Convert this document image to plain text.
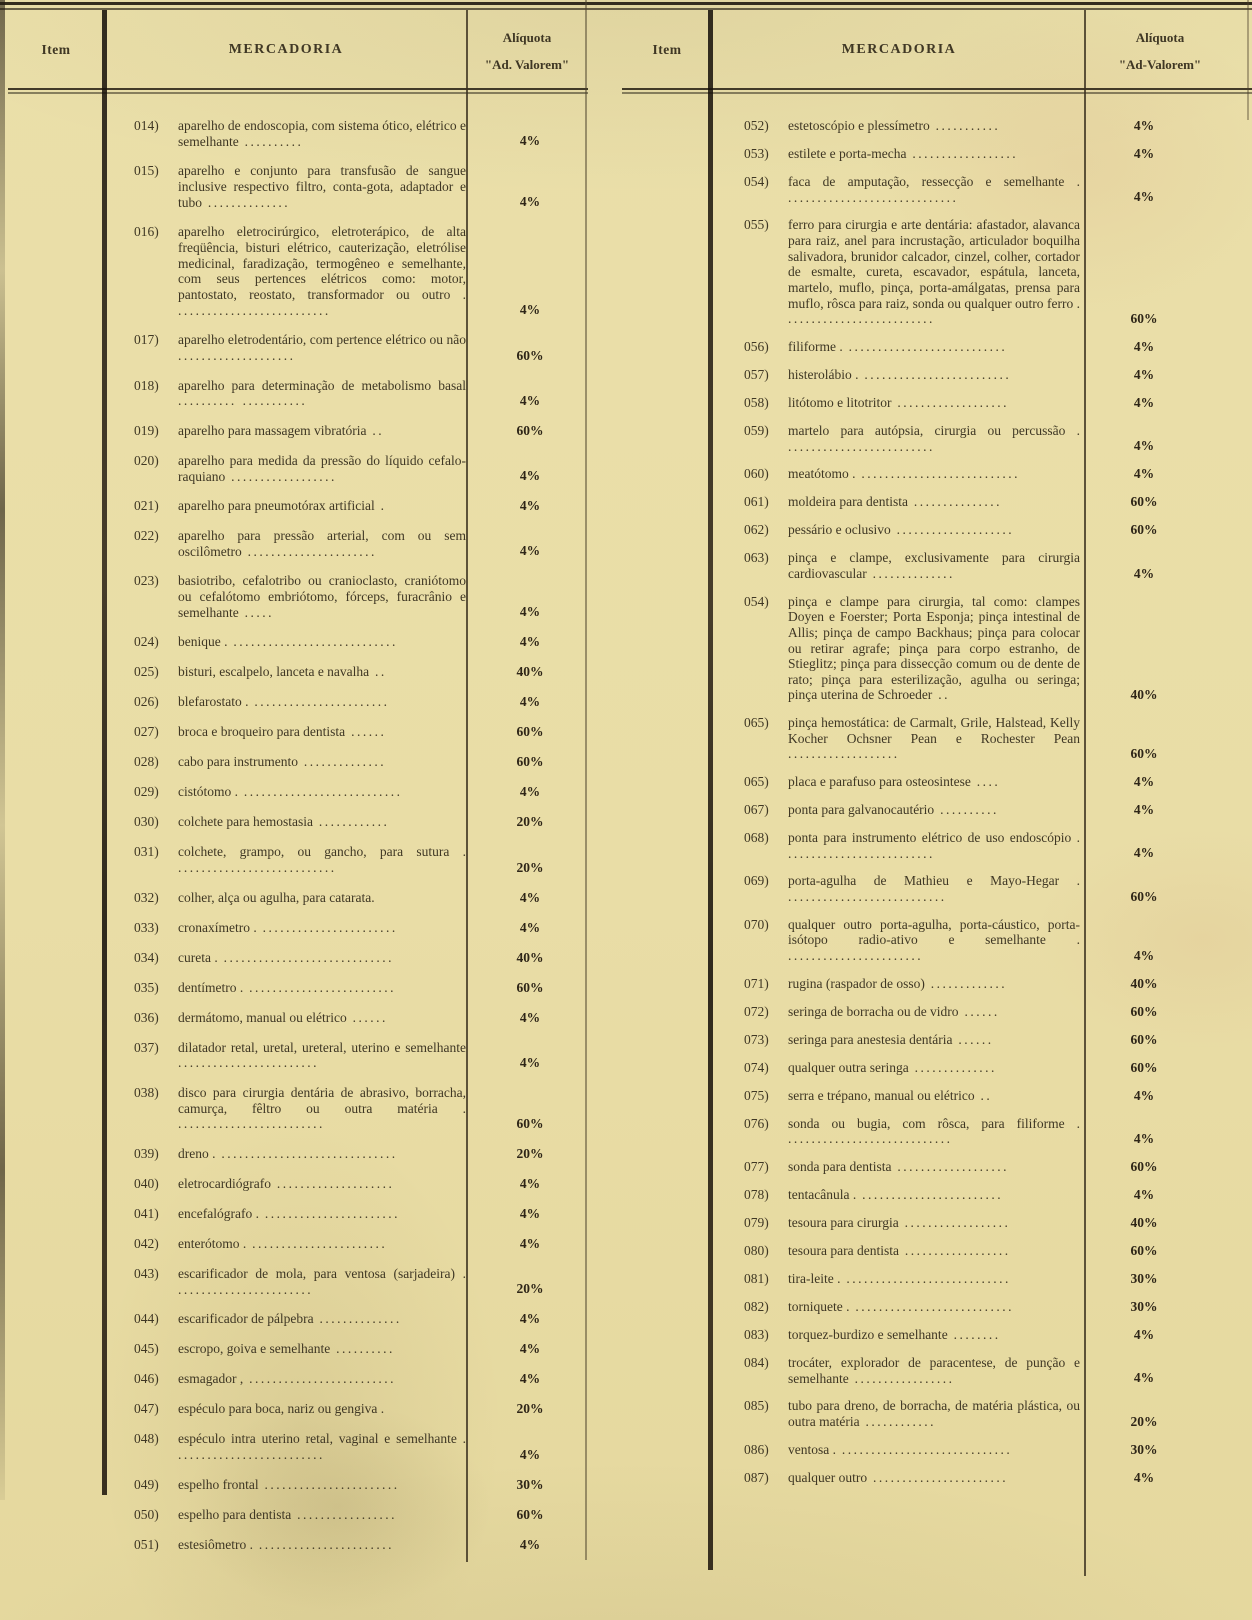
Item	MERCADORIA
Alíquota
"Ad. Valorem"
014)	aparelho de endoscopia, com sistema ótico, elétrico e semelhante ..........	4%
015)	aparelho e conjunto para transfusão de sangue inclusive respectivo filtro, conta-gota, adaptador e tubo ..............	4%
016)	aparelho eletrocirúrgico, eletroterápico, de alta freqüência, bisturi elétrico, cauterização, eletrólise medicinal, faradização, termogêneo e semelhante, com seus pertences elétricos como: motor, pantostato, reostato, transformador ou outro . ..........................	4%
017)	aparelho eletrodentário, com pertence elétrico ou não ....................	60%
018)	aparelho para determinação de metabolismo basal .......... ...........	4%
019)	aparelho para massagem vibratória ..	60%
020)	aparelho para medida da pressão do líquido cefalo-raquiano ..................	4%
021)	aparelho para pneumotórax artificial .	4%
022)	aparelho para pressão arterial, com ou sem oscilômetro ......................	4%
023)	basiotribo, cefalotribo ou cranioclasto, craniótomo ou cefalótomo embriótomo, fórceps, furacrânio e semelhante .....	4%
024)	benique . ............................	4%
025)	bisturi, escalpelo, lanceta e navalha ..	40%
026)	blefarostato . .......................	4%
027)	broca e broqueiro para dentista ......	60%
028)	cabo para instrumento ..............	60%
029)	cistótomo . ...........................	4%
030)	colchete para hemostasia ............	20%
031)	colchete, grampo, ou gancho, para sutura . ...........................	20%
032)	colher, alça ou agulha, para catarata.	4%
033)	cronaxímetro . .......................	4%
034)	cureta . .............................	40%
035)	dentímetro . .........................	60%
036)	dermátomo, manual ou elétrico ......	4%
037)	dilatador retal, uretal, ureteral, uterino e semelhante ........................	4%
038)	disco para cirurgia dentária de abrasivo, borracha, camurça, fêltro ou outra matéria . .........................	60%
039)	dreno . ..............................	20%
040)	eletrocardiógrafo ....................	4%
041)	encefalógrafo . .......................	4%
042)	enterótomo . .......................	4%
043)	escarificador de mola, para ventosa (sarjadeira) . .......................	20%
044)	escarificador de pálpebra ..............	4%
045)	escropo, goiva e semelhante ..........	4%
046)	esmagador , .........................	4%
047)	espéculo para boca, nariz ou gengiva .	20%
048)	espéculo intra uterino retal, vaginal e semelhante . .........................	4%
049)	espelho frontal .......................	30%
050)	espelho para dentista .................	60%
051)	estesiômetro . .......................	4%
Item	MERCADORIA
Alíquota
"Ad-Valorem"
052)	estetoscópio e plessímetro ...........	4%
053)	estilete e porta-mecha ..................	4%
054)	faca de amputação, ressecção e semelhante . .............................	4%
055)	ferro para cirurgia e arte dentária: afastador, alavanca para raiz, anel para incrustação, articulador boquilha salivadora, brunidor calcador, cinzel, colher, cortador de esmalte, cureta, escavador, espátula, lanceta, martelo, muflo, pinça, porta-amálgatas, prensa para muflo, rôsca para raiz, sonda ou qualquer outro ferro . .........................	60%
056)	filiforme . ...........................	4%
057)	histerolábio . .........................	4%
058)	litótomo e litotritor ...................	4%
059)	martelo para autópsia, cirurgia ou percussão . .........................	4%
060)	meatótomo . ...........................	4%
061)	moldeira para dentista ...............	60%
062)	pessário e oclusivo ....................	60%
063)	pinça e clampe, exclusivamente para cirurgia cardiovascular ..............	4%
054)	pinça e clampe para cirurgia, tal como: clampes Doyen e Foerster; Porta Esponja; pinça intestinal de Allis; pinça de campo Backhaus; pinça para colocar ou retirar agrafe; pinça para corpo estranho, de Stieglitz; pinça para dissecção comum ou de dente de rato; pinça para esterilização, agulha ou seringa; pinça uterina de Schroeder ..	40%
065)	pinça hemostática: de Carmalt, Grile, Halstead, Kelly Kocher Ochsner Pean e Rochester Pean ...................	60%
065)	placa e parafuso para osteosintese ....	4%
067)	ponta para galvanocautério ..........	4%
068)	ponta para instrumento elétrico de uso endoscópio . .........................	4%
069)	porta-agulha de Mathieu e Mayo-Hegar . ...........................	60%
070)	qualquer outro porta-agulha, porta-cáustico, porta-isótopo radio-ativo e semelhante . .......................	4%
071)	rugina (raspador de osso) .............	40%
072)	seringa de borracha ou de vidro ......	60%
073)	seringa para anestesia dentária ......	60%
074)	qualquer outra seringa ..............	60%
075)	serra e trépano, manual ou elétrico ..	4%
076)	sonda ou bugia, com rôsca, para filiforme . ............................	4%
077)	sonda para dentista ...................	60%
078)	tentacânula . ........................	4%
079)	tesoura para cirurgia ..................	40%
080)	tesoura para dentista ..................	60%
081)	tira-leite . ............................	30%
082)	torniquete . ...........................	30%
083)	torquez-burdizo e semelhante ........	4%
084)	trocáter, explorador de paracentese, de punção e semelhante .................	4%
085)	tubo para dreno, de borracha, de matéria plástica, ou outra matéria ............	20%
086)	ventosa . .............................	30%
087)	qualquer outro .......................	4%
